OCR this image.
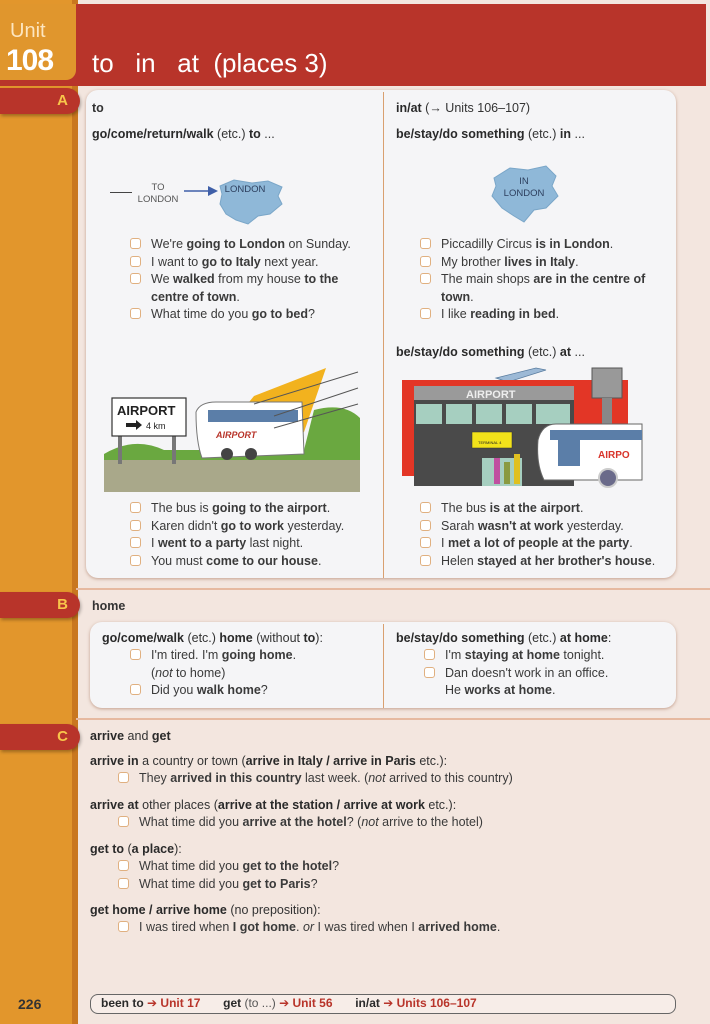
Unit
108 to   in   at  (places 3)
A
B
C
to
go/come/return/walk (etc.) to ...
TO
LONDON
LONDON
We're going to London on Sunday.
I want to go to Italy next year.
We walked from my house to the
centre of town.
What time do you go to bed?
AIRPORT
4 km
AIRPORT
The bus is going to the airport.
Karen didn't go to work yesterday.
I went to a party last night.
You must come to our house.
in/at (→ Units 106–107)
be/stay/do something (etc.) in ...
IN
LONDON
Piccadilly Circus is in London.
My brother lives in Italy.
The main shops are in the centre of
town.
I like reading in bed.
be/stay/do something (etc.) at ...
AIRPORT
TERMINAL 4
AIRPO
The bus is at the airport.
Sarah wasn't at work yesterday.
I met a lot of people at the party.
Helen stayed at her brother's house.
home
go/come/walk (etc.) home (without to):
I'm tired. I'm going home.
(not to home)
Did you walk home?
be/stay/do something (etc.) at home:
I'm staying at home tonight.
Dan doesn't work in an office.
He works at home.
arrive and get
arrive in a country or town (arrive in Italy / arrive in Paris etc.):
They arrived in this country last week. (not arrived to this country)
arrive at other places (arrive at the station / arrive at work etc.):
What time did you arrive at the hotel? (not arrive to the hotel)
get to (a place):
What time did you get to the hotel?
What time did you get to Paris?
get home / arrive home (no preposition):
I was tired when I got home. or I was tired when I arrived home.
226	been to ➔ Unit 17 get (to ...) ➔ Unit 56 in/at ➔ Units 106–107
